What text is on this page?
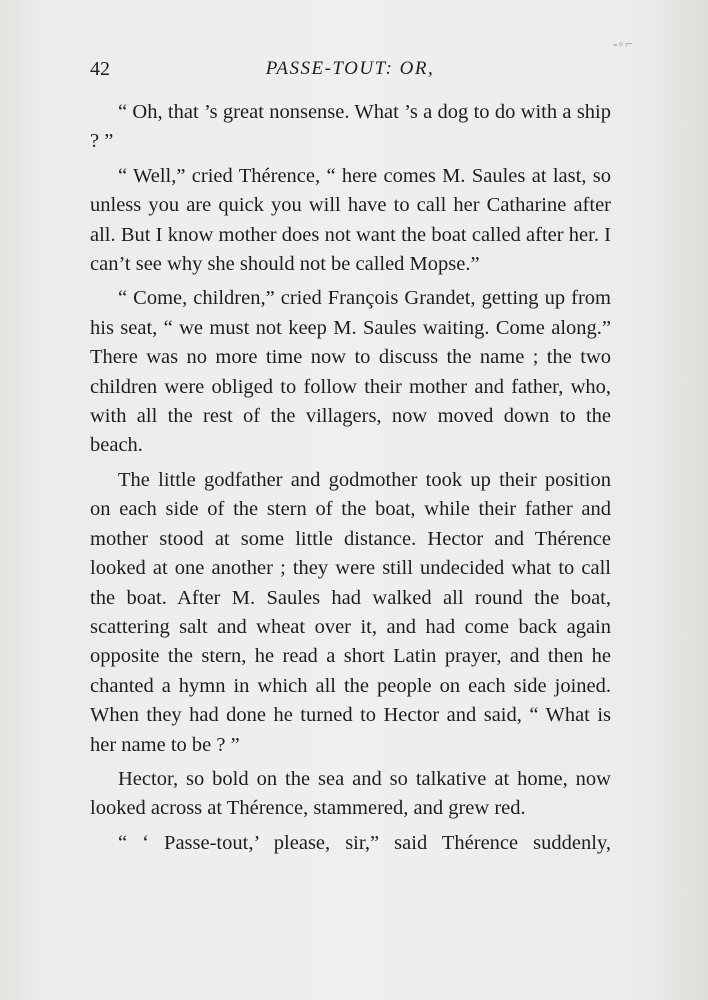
-◦⌐
42	PASSE-TOUT: OR,

“ Oh, that ’s great nonsense. What ’s a dog to do with a ship ? ”

“ Well,” cried Thérence, “ here comes M. Saules at last, so unless you are quick you will have to call her Catharine after all. But I know mother does not want the boat called after her. I can’t see why she should not be called Mopse.”

“ Come, children,” cried François Grandet, getting up from his seat, “ we must not keep M. Saules waiting. Come along.” There was no more time now to discuss the name ; the two children were obliged to follow their mother and father, who, with all the rest of the villagers, now moved down to the beach.

The little godfather and godmother took up their position on each side of the stern of the boat, while their father and mother stood at some little distance. Hector and Thérence looked at one another ; they were still undecided what to call the boat. After M. Saules had walked all round the boat, scattering salt and wheat over it, and had come back again opposite the stern, he read a short Latin prayer, and then he chanted a hymn in which all the people on each side joined. When they had done he turned to Hector and said, “ What is her name to be ? ”

Hector, so bold on the sea and so talkative at home, now looked across at Thérence, stammered, and grew red.

“ ‘ Passe-tout,’ please, sir,” said Thérence suddenly,
